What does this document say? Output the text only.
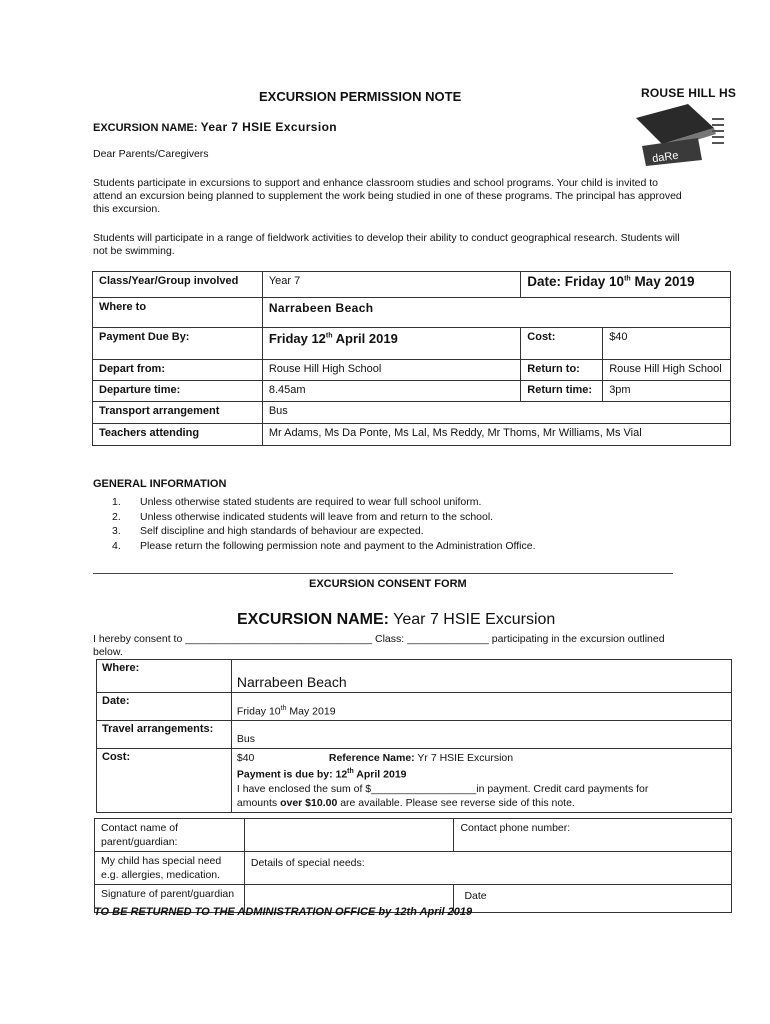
EXCURSION PERMISSION NOTE	ROUSE HILL HS
daRe
EXCURSION NAME: Year 7 HSIE Excursion
Dear Parents/Caregivers
Students participate in excursions to support and enhance classroom studies and school programs. Your child is invited to attend an excursion being planned to supplement the work being studied in one of these programs. The principal has approved this excursion.
Students will participate in a range of fieldwork activities to develop their ability to conduct geographical research. Students will not be swimming.
Class/Year/Group involved	Year 7	Date: Friday 10th May 2019	
Where to	Narrabeen Beach		
Payment Due By:	Friday 12th April 2019	Cost:	$40
Depart from:	Rouse Hill High School	Return to:	Rouse Hill High School
Departure time:	8.45am	Return time:	3pm
Transport arrangement	Bus		
Teachers attending	Mr Adams, Ms Da Ponte, Ms Lal, Ms Reddy, Mr Thoms, Mr Williams, Ms Vial		
GENERAL INFORMATION
1. Unless otherwise stated students are required to wear full school uniform.
2. Unless otherwise indicated students will leave from and return to the school.
3. Self discipline and high standards of behaviour are expected.
4. Please return the following permission note and payment to the Administration Office.
EXCURSION CONSENT FORM
EXCURSION NAME: Year 7 HSIE Excursion
I hereby consent to ________________________________ Class: ______________ participating in the excursion outlined
below.
Where:	Narrabeen Beach
Date:	Friday 10th May 2019
Travel arrangements:	Bus
Cost:	$40 Reference Name: Yr 7 HSIE Excursion
Payment is due by: 12th April 2019
I have enclosed the sum of $__________________in payment. Credit card payments for
amounts over $10.00 are available. Please see reverse side of this note.
Contact name of parent/guardian:		Contact phone number:
My child has special need e.g. allergies, medication.	Details of special needs:	
Signature of parent/guardian		Date
TO BE RETURNED TO THE ADMINISTRATION OFFICE by 12th April 2019
